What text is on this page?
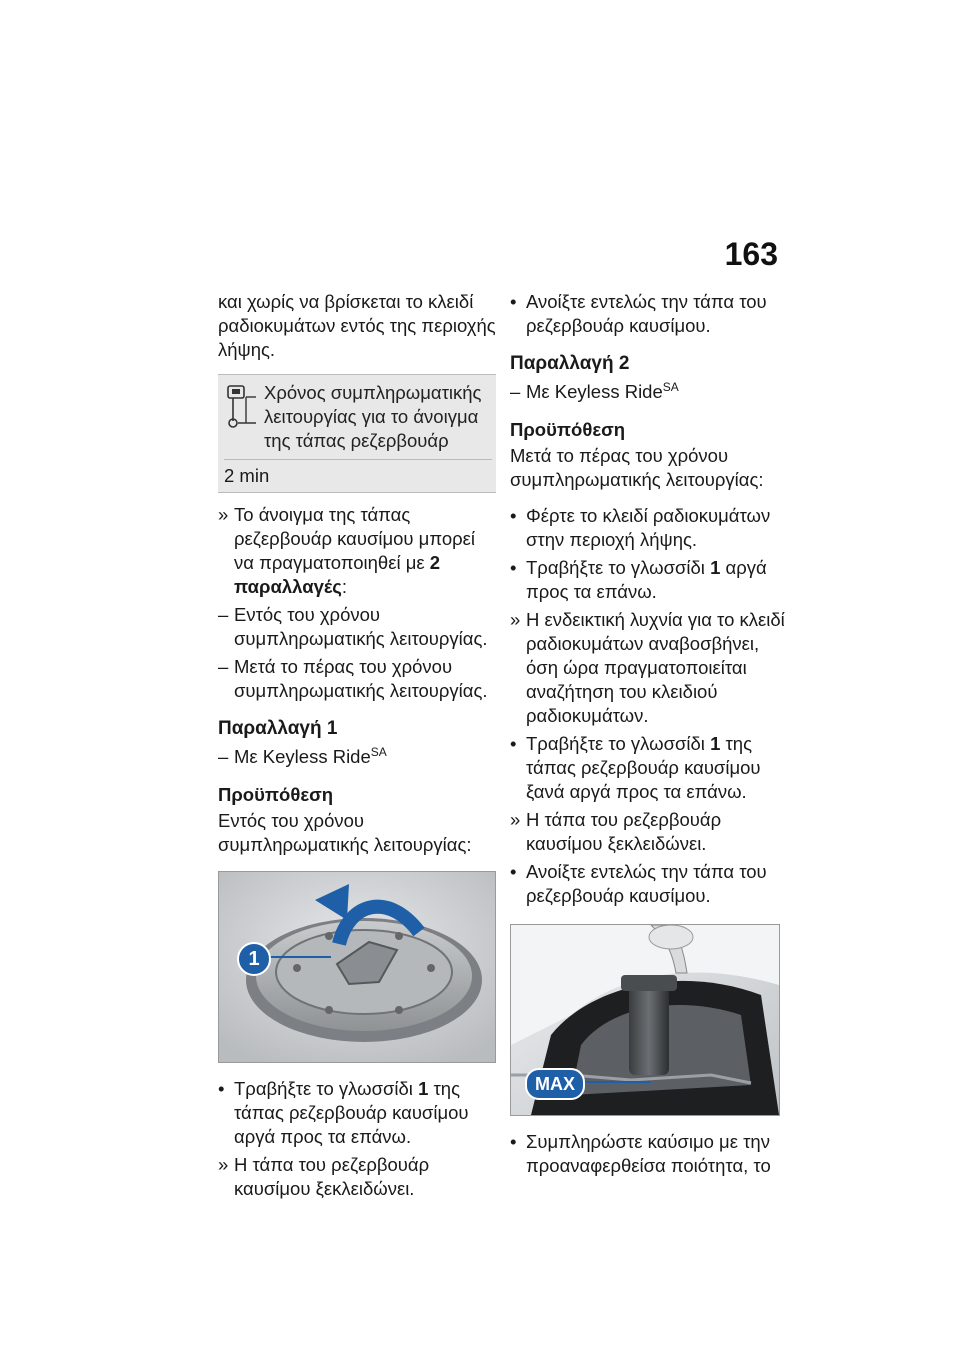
163

και χωρίς να βρίσκεται το κλειδί ραδιοκυμάτων εντός της περιοχής λήψης.

Χρόνος συμπληρωματικής λειτουργίας για το άνοιγμα της τάπας ρεζερβουάρ
2 min
» Το άνοιγμα της τάπας ρεζερβουάρ καυσίμου μπορεί να πραγματοποιηθεί με 2 παραλλαγές:
– Εντός του χρόνου συμπληρωματικής λειτουργίας.
– Μετά το πέρας του χρόνου συμπληρωματικής λειτουργίας.
Παραλλαγή 1
– Με Keyless Ride$^{SA}$
Προϋπόθεση

Εντός του χρόνου συμπληρωματικής λειτουργίας:

1
• Τραβήξτε το γλωσσίδι 1 της τάπας ρεζερβουάρ καυσίμου αργά προς τα επάνω.
» Η τάπα του ρεζερβουάρ καυσίμου ξεκλειδώνει.
• Ανοίξτε εντελώς την τάπα του ρεζερβουάρ καυσίμου.
Παραλλαγή 2
– Με Keyless Ride$^{SA}$
Προϋπόθεση

Μετά το πέρας του χρόνου συμπληρωματικής λειτουργίας:

• Φέρτε το κλειδί ραδιοκυμάτων στην περιοχή λήψης.
• Τραβήξτε το γλωσσίδι 1 αργά προς τα επάνω.
» Η ενδεικτική λυχνία για το κλειδί ραδιοκυμάτων αναβοσβήνει, όση ώρα πραγματοποιείται αναζήτηση του κλειδιού ραδιοκυμάτων.
• Τραβήξτε το γλωσσίδι 1 της τάπας ρεζερβουάρ καυσίμου ξανά αργά προς τα επάνω.
» Η τάπα του ρεζερβουάρ καυσίμου ξεκλειδώνει.
• Ανοίξτε εντελώς την τάπα του ρεζερβουάρ καυσίμου.
MAX
• Συμπληρώστε καύσιμο με την προαναφερθείσα ποιότητα, το
